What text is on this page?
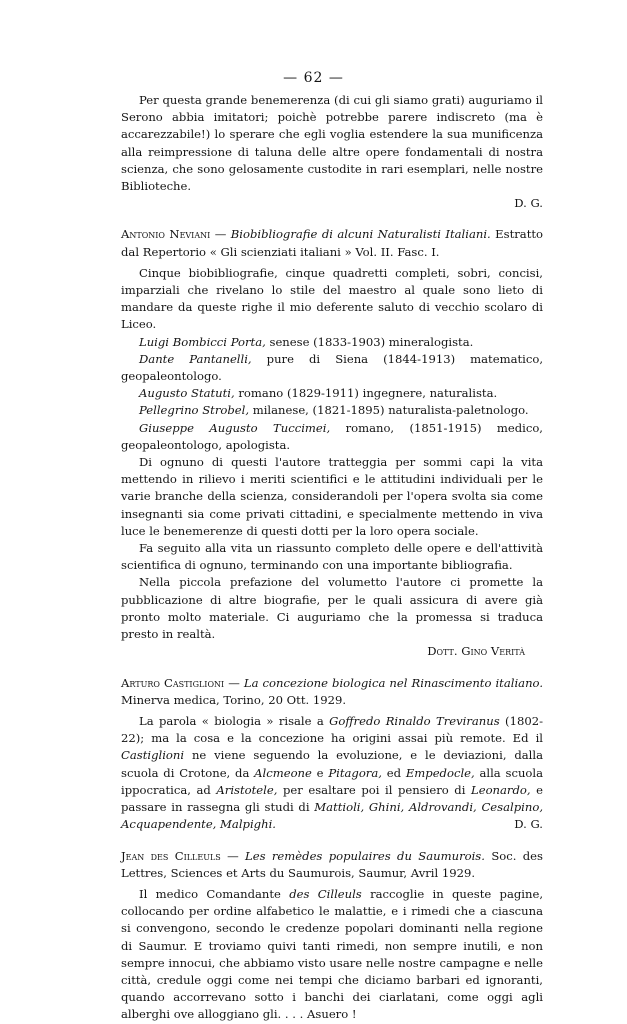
— 62 —

Per questa grande benemerenza (di cui gli siamo grati) auguriamo il Serono abbia imitatori; poichè potrebbe parere indiscreto (ma è accarezzabile!) lo sperare che egli voglia estendere la sua munificenza alla reimpressione di taluna delle altre opere fondamentali di nostra scienza, che sono gelosamente custodite in rari esemplari, nelle nostre Biblioteche.

D. G.

Antonio Neviani — Biobibliografie di alcuni Naturalisti Italiani. Estratto dal Repertorio « Gli scienziati italiani » Vol. II. Fasc. I.

Cinque biobibliografie, cinque quadretti completi, sobri, concisi, imparziali che rivelano lo stile del maestro al quale sono lieto di mandare da queste righe il mio deferente saluto di vecchio scolaro di Liceo.

Luigi Bombicci Porta, senese (1833-1903) mineralogista.

Dante Pantanelli, pure di Siena (1844-1913) matematico, geopaleontologo.

Augusto Statuti, romano (1829-1911) ingegnere, naturalista.

Pellegrino Strobel, milanese, (1821-1895) naturalista-paletnologo.

Giuseppe Augusto Tuccimei, romano, (1851-1915) medico, geopaleontologo, apologista.

Di ognuno di questi l'autore tratteggia per sommi capi la vita mettendo in rilievo i meriti scientifici e le attitudini individuali per le varie branche della scienza, considerandoli per l'opera svolta sia come insegnanti sia come privati cittadini, e specialmente mettendo in viva luce le benemerenze di questi dotti per la loro opera sociale.

Fa seguito alla vita un riassunto completo delle opere e dell'attività scientifica di ognuno, terminando con una importante bibliografia.

Nella piccola prefazione del volumetto l'autore ci promette la pubblicazione di altre biografie, per le quali assicura di avere già pronto molto materiale. Ci auguriamo che la promessa si traduca presto in realtà.

Dott. Gino Verità

Arturo Castiglioni — La concezione biologica nel Rinascimento italiano. Minerva medica, Torino, 20 Ott. 1929.

La parola « biologia » risale a Goffredo Rinaldo Treviranus (1802-22); ma la cosa e la concezione ha origini assai più remote. Ed il Castiglioni ne viene seguendo la evoluzione, e le deviazioni, dalla scuola di Crotone, da Alcmeone e Pitagora, ed Empedocle, alla scuola ippocratica, ad Aristotele, per esaltare poi il pensiero di Leonardo, e passare in rassegna gli studi di Mattioli, Ghini, Aldrovandi, Cesalpino, Acquapendente, Malpighi.	D. G.

Jean des Cilleuls — Les remèdes populaires du Saumurois. Soc. des Lettres, Sciences et Arts du Saumurois, Saumur, Avril 1929.

Il medico Comandante des Cilleuls raccoglie in queste pagine, collocando per ordine alfabetico le malattie, e i rimedi che a ciascuna si convengono, secondo le credenze popolari dominanti nella regione di Saumur. E troviamo quivi tanti rimedi, non sempre inutili, e non sempre innocui, che abbiamo visto usare nelle nostre campagne e nelle città, credule oggi come nei tempi che diciamo barbari ed ignoranti, quando accorrevano sotto i banchi dei ciarlatani, come oggi agli alberghi ove alloggiano gli. . . . Asuero !
